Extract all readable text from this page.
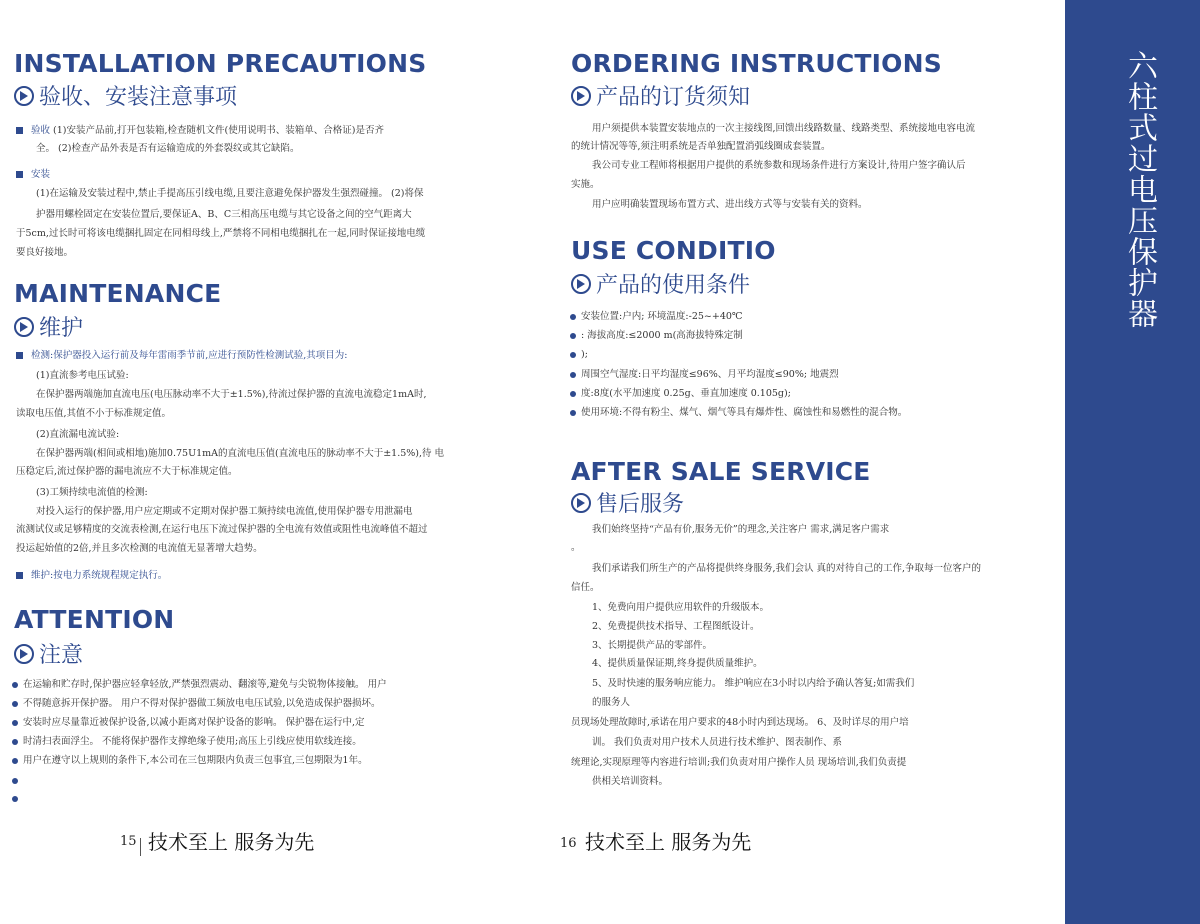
INSTALLATION PRECAUTIONS
验收、安装注意事项
验收 (1)安装产品前,打开包装箱,检查随机文件(使用说明书、装箱单、合格证)是否齐
全。 (2)检查产品外表是否有运输造成的外套裂纹或其它缺陷。
安装
(1)在运输及安装过程中,禁止手提高压引线电缆,且要注意避免保护器发生强烈碰撞。 (2)将保
护器用螺栓固定在安装位置后,要保证A、B、C三相高压电缆与其它设备之间的空气距离大
于5cm,过长时可将该电缆捆扎固定在同相母线上,严禁将不同相电缆捆扎在一起,同时保证接地电缆
要良好接地。
MAINTENANCE
维护
检测:保护器投入运行前及每年雷雨季节前,应进行预防性检测试验,其项目为:
(1)直流参考电压试验:
在保护器两端施加直流电压(电压脉动率不大于±1.5%),待流过保护器的直流电流稳定1mA时,
读取电压值,其值不小于标准规定值。
(2)直流漏电流试验:
在保护器两端(相间或相地)施加0.75U1mA的直流电压值(直流电压的脉动率不大于±1.5%),待 电
压稳定后,流过保护器的漏电流应不大于标准规定值。
(3)工频持续电流值的检测:
对投入运行的保护器,用户应定期或不定期对保护器工频持续电流值,使用保护器专用泄漏电
流测试仪或足够精度的交流表检测,在运行电压下流过保护器的全电流有效值或阻性电流峰值不超过
投运起始值的2倍,并且多次检测的电流值无显著增大趋势。
维护:按电力系统规程规定执行。
ATTENTION
注意
在运输和贮存时,保护器应轻拿轻放,严禁强烈震动、翻滚等,避免与尖锐物体接触。 用户
不得随意拆开保护器。 用户不得对保护器做工频放电电压试验,以免造成保护器损坏。
安装时应尽量靠近被保护设备,以减小距离对保护设备的影响。 保护器在运行中,定
时清扫表面浮尘。 不能将保护器作支撑绝缘子使用;高压上引线应使用软线连接。
用户在遵守以上规则的条件下,本公司在三包期限内负责三包事宜,三包期限为1年。
15 技术至上 服务为先
ORDERING INSTRUCTIONS
产品的订货须知
用户须提供本装置安装地点的一次主接线图,回馈出线路数量、线路类型、系统接地电容电流
的统计情况等等,须注明系统是否单独配置消弧线圈成套装置。
我公司专业工程师将根据用户提供的系统参数和现场条件进行方案设计,待用户签字确认后
实施。
用户应明确装置现场布置方式、进出线方式等与安装有关的资料。
USE CONDITIO
产品的使用条件
安装位置:户内; 环境温度:-25~+40℃
: 海拔高度:≤2000 m(高海拔特殊定制
);
周围空气湿度:日平均湿度≤96%、月平均湿度≤90%; 地震烈
度:8度(水平加速度 0.25g、垂直加速度 0.105g);
使用环境:不得有粉尘、煤气、烟气等具有爆炸性、腐蚀性和易燃性的混合物。
AFTER SALE SERVICE
售后服务
我们始终坚持“产品有价,服务无价”的理念,关注客户 需求,满足客户需求
。
我们承诺我们所生产的产品将提供终身服务,我们会认 真的对待自己的工作,争取每一位客户的
信任。
1、免费向用户提供应用软件的升级版本。
2、免费提供技术指导、工程图纸设计。
3、长期提供产品的零部件。
4、提供质量保证期,终身提供质量维护。
5、及时快速的服务响应能力。 维护响应在3小时以内给予确认答复;如需我们
的服务人
员现场处理故障时,承诺在用户要求的48小时内到达现场。 6、及时详尽的用户培
训。 我们负责对用户技术人员进行技术维护、图表制作、系
统理论,实现原理等内容进行培训;我们负责对用户操作人员 现场培训,我们负责提
供相关培训资料。
16 技术至上 服务为先
六柱式过电压保护器
